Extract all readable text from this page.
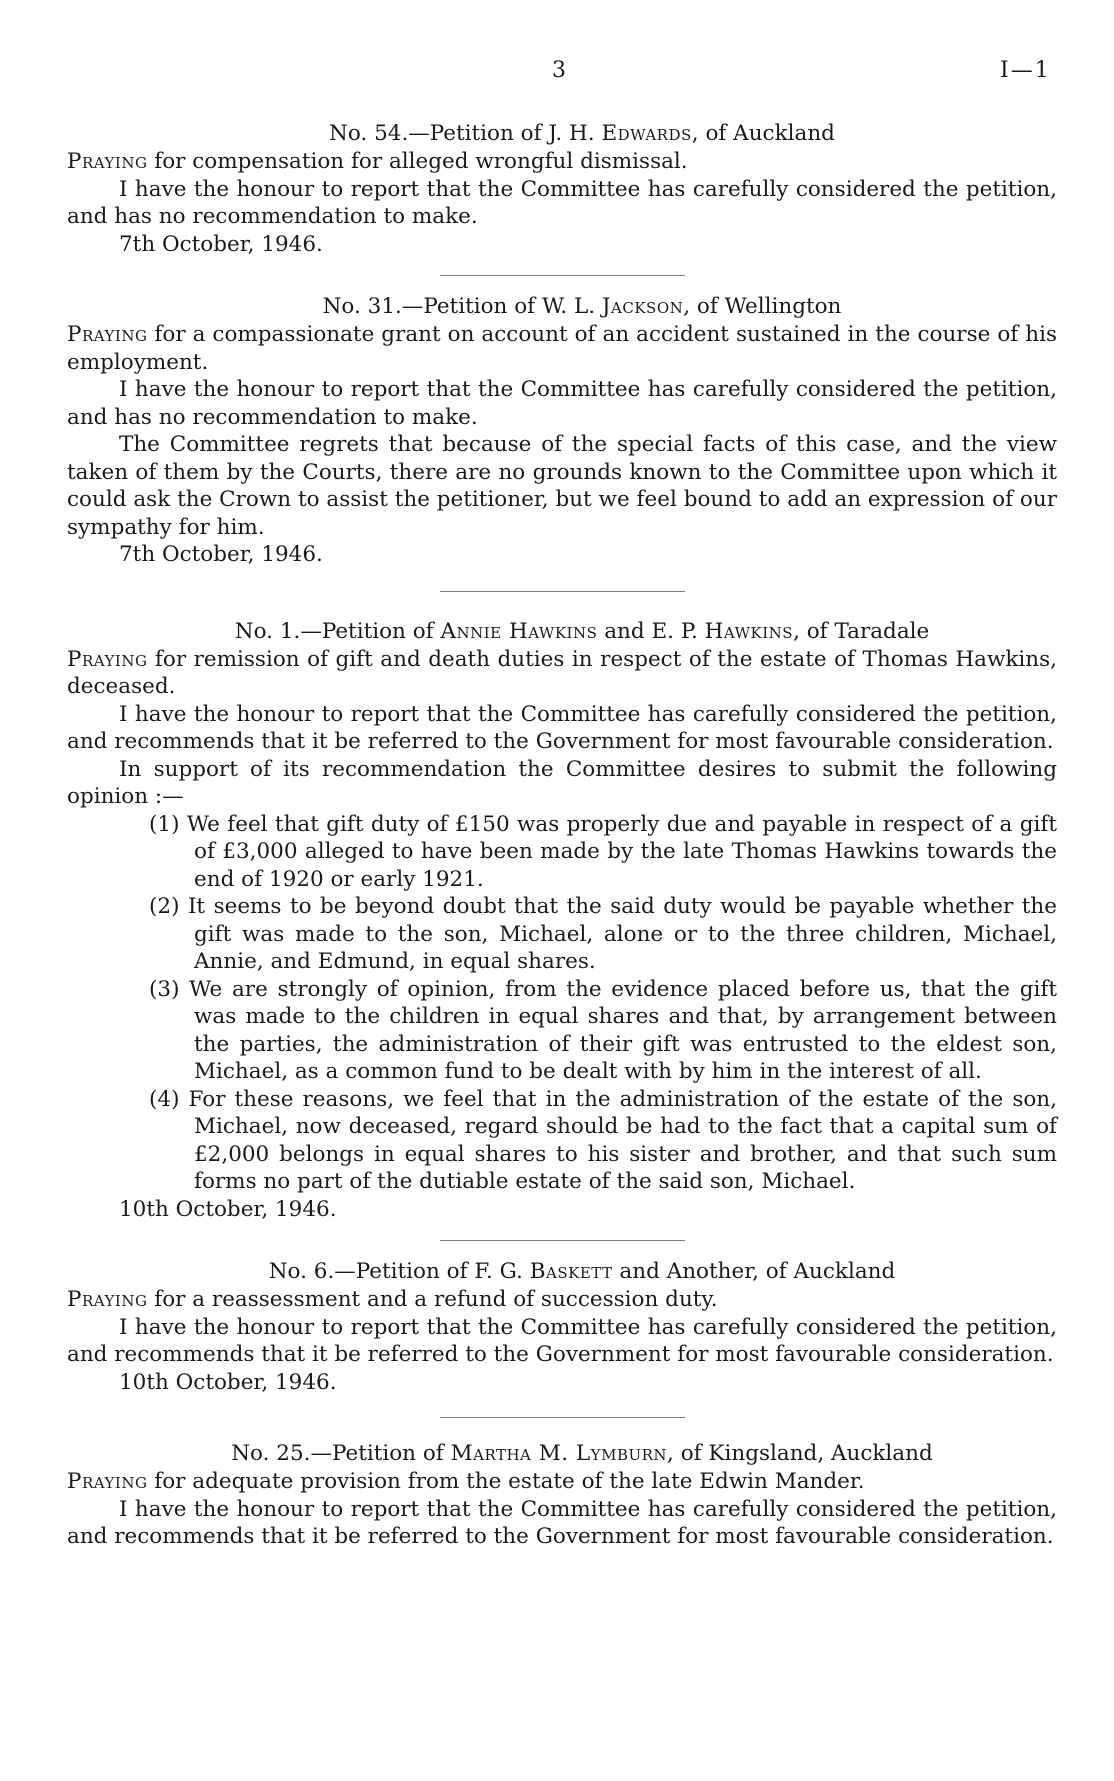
3	I—1

No. 54.—Petition of J. H. Edwards, of Auckland

Praying for compensation for alleged wrongful dismissal.

I have the honour to report that the Committee has carefully considered the petition, and has no recommendation to make.

7th October, 1946.

No. 31.—Petition of W. L. Jackson, of Wellington

Praying for a compassionate grant on account of an accident sustained in the course of his employment.

I have the honour to report that the Committee has carefully considered the petition, and has no recommendation to make.

The Committee regrets that because of the special facts of this case, and the view taken of them by the Courts, there are no grounds known to the Committee upon which it could ask the Crown to assist the petitioner, but we feel bound to add an expression of our sympathy for him.

7th October, 1946.

No. 1.—Petition of Annie Hawkins and E. P. Hawkins, of Taradale

Praying for remission of gift and death duties in respect of the estate of Thomas Hawkins, deceased.

I have the honour to report that the Committee has carefully considered the petition, and recommends that it be referred to the Government for most favourable consideration.

In support of its recommendation the Committee desires to submit the following opinion :—

(1) We feel that gift duty of £150 was properly due and payable in respect of a gift of £3,000 alleged to have been made by the late Thomas Hawkins towards the end of 1920 or early 1921.

(2) It seems to be beyond doubt that the said duty would be payable whether the gift was made to the son, Michael, alone or to the three children, Michael, Annie, and Edmund, in equal shares.

(3) We are strongly of opinion, from the evidence placed before us, that the gift was made to the children in equal shares and that, by arrangement between the parties, the administration of their gift was entrusted to the eldest son, Michael, as a common fund to be dealt with by him in the interest of all.

(4) For these reasons, we feel that in the administration of the estate of the son, Michael, now deceased, regard should be had to the fact that a capital sum of £2,000 belongs in equal shares to his sister and brother, and that such sum forms no part of the dutiable estate of the said son, Michael.

10th October, 1946.

No. 6.—Petition of F. G. Baskett and Another, of Auckland

Praying for a reassessment and a refund of succession duty.

I have the honour to report that the Committee has carefully considered the petition, and recommends that it be referred to the Government for most favourable consideration.

10th October, 1946.

No. 25.—Petition of Martha M. Lymburn, of Kingsland, Auckland

Praying for adequate provision from the estate of the late Edwin Mander.

I have the honour to report that the Committee has carefully considered the petition, and recommends that it be referred to the Government for most favourable consideration.
